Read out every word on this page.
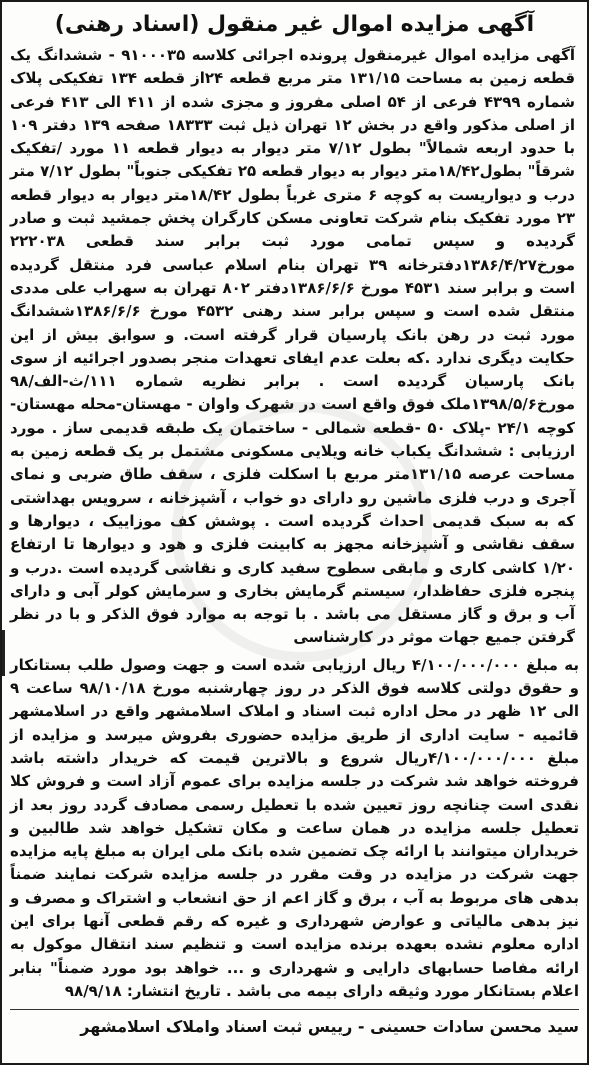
آگهی مزایده اموال غیر منقول (اسناد رهنی)

آگهی مزایده اموال غیرمنقول پرونده اجرائی کلاسه ۹۱۰۰۰۳۵ - ششدانگ یک قطعه زمین به مساحت ۱۳۱/۱۵ متر مربع قطعه ۲۴از قطعه ۱۳۴ تفکیکی پلاک شماره ۴۳۹۹ فرعی از ۵۴ اصلی مفروز و مجزی شده از ۴۱۱ الی ۴۱۳ فرعی از اصلی مذکور واقع در بخش ۱۲ تهران ذیل ثبت ۱۸۳۳۳ صفحه ۱۳۹ دفتر ۱۰۹ با حدود اربعه شمالاً" بطول ۷/۱۲ متر دیوار به دیوار قطعه ۱۱ مورد /تفکیک شرقاً" بطول۱۸/۴۲متر دیوار به دیوار قطعه ۲۵ تفکیکی جنوباً" بطول ۷/۱۲ متر درب و دیواریست به کوچه ۶ متری غرباً بطول ۱۸/۴۲متر دیوار به دیوار قطعه ۲۳ مورد تفکیک بنام شرکت تعاونی مسکن کارگران پخش جمشید ثبت و صادر گردیده و سپس تمامی مورد ثبت برابر سند قطعی ۲۲۲۰۳۸ مورخ۱۳۸۶/۴/۲۷دفترخانه ۳۹ تهران بنام اسلام عباسی فرد منتقل گردیده است و برابر سند ۴۵۳۱ مورخ ۱۳۸۶/۶/۶دفتر ۸۰۲ تهران به سهراب علی مددی منتقل شده است و سپس برابر سند رهنی ۴۵۳۲ مورخ ۱۳۸۶/۶/۶ششدانگ مورد ثبت در رهن بانک پارسیان قرار گرفته است. و سوابق بیش از این حکایت دیگری ندارد .که بعلت عدم ایفای تعهدات منجر بصدور اجرائیه از سوی بانک پارسیان گردیده است . برابر نظریه شماره ۱۱۱/ث-الف/۹۸ مورخ۱۳۹۸/۵/۶ملک فوق واقع است در شهرک واوان - مهستان-محله مهستان-کوچه ۲۴/۱ -پلاک ۵۰ -قطعه شمالی - ساختمان یک طبقه قدیمی ساز . مورد ارزیابی : ششدانگ یکباب خانه ویلایی مسکونی مشتمل بر یک قطعه زمین به مساحت عرصه ۱۳۱/۱۵متر مربع با اسکلت فلزی ، سقف طاق ضربی و نمای آجری و درب فلزی ماشین رو دارای دو خواب ، آشپزخانه ، سرویس بهداشتی که به سبک قدیمی احداث گردیده است . پوشش کف موزاییک ، دیوارها و سقف نقاشی و آشپزخانه مجهز به کابینت فلزی و هود و دیوارها تا ارتفاع ۱/۲۰ کاشی کاری و مابقی سطوح سفید کاری و نقاشی گردیده است .درب و پنجره فلزی حفاظدار، سیستم گرمایش بخاری و سرمایش کولر آبی و دارای آب و برق و گاز مستقل می باشد . با توجه به موارد فوق الذکر و با در نظر گرفتن جمیع جهات موثر در کارشناسی

به مبلغ ۴/۱۰۰/۰۰۰/۰۰۰ ریال ارزیابی شده است و جهت وصول طلب بستانکار و حقوق دولتی کلاسه فوق الذکر در روز چهارشنبه مورخ ۹۸/۱۰/۱۸ ساعت ۹ الی ۱۲ ظهر در محل اداره ثبت اسناد و املاک اسلامشهر واقع در اسلامشهر قائمیه - سایت اداری از طریق مزایده حضوری بفروش میرسد و مزایده از مبلغ ۴/۱۰۰/۰۰۰/۰۰۰ریال شروع و بالاترین قیمت که خریدار داشته باشد فروخته خواهد شد شرکت در جلسه مزایده برای عموم آزاد است و فروش کلا نقدی است چنانچه روز تعیین شده با تعطیل رسمی مصادف گردد روز بعد از تعطیل جلسه مزایده در همان ساعت و مکان تشکیل خواهد شد طالبین و خریداران میتوانند با ارائه چک تضمین شده بانک ملی ایران به مبلغ پایه مزایده جهت شرکت در مزایده در وقت مقرر در جلسه مزایده شرکت نمایند ضمناً بدهی های مربوط به آب ، برق و گاز اعم از حق انشعاب و اشتراک و مصرف و نیز بدهی مالیاتی و عوارض شهرداری و غیره که رقم قطعی آنها برای این اداره معلوم نشده بعهده برنده مزایده است و تنظیم سند انتقال موکول به ارائه مفاصا حسابهای دارایی و شهرداری و ... خواهد بود مورد ضمناً" بنابر اعلام بستانکار مورد وثیقه دارای بیمه می باشد . تاریخ انتشار: ۹۸/۹/۱۸

سید محسن سادات حسینی - رییس ثبت اسناد واملاک اسلامشهر
